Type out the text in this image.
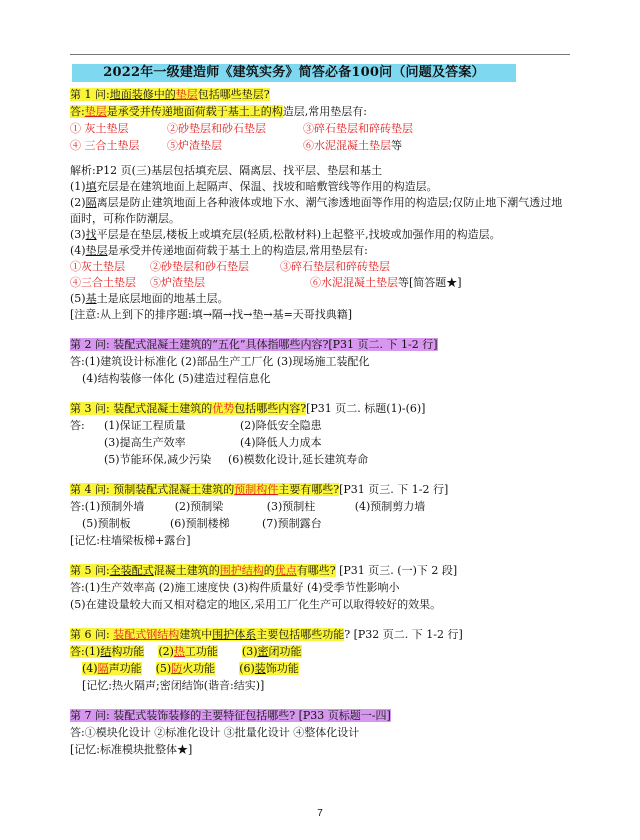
2022年一级建造师《建筑实务》简答必备100问（问题及答案）
第 1 问:地面装修中的垫层包括哪些垫层?
答:垫层是承受并传递地面荷载于基土上的构造层,常用垫层有:
① 灰土垫层	②砂垫层和砂石垫层	③碎石垫层和碎砖垫层
④ 三合土垫层	⑤炉渣垫层	⑥水泥混凝土垫层等
解析:P12 页(三)基层包括填充层、隔离层、找平层、垫层和基土
(1)填充层是在建筑地面上起隔声、保温、找坡和暗敷管线等作用的构造层。
(2)隔离层是防止建筑地面上各种液体或地下水、潮气渗透地面等作用的构造层;仅防止地下潮气透过地
面时，可称作防潮层。
(3)找平层是在垫层,楼板上或填充层(轻质,松散材料)上起整平,找坡或加强作用的构造层。
(4)垫层是承受并传递地面荷载于基土上的构造层,常用垫层有:
①灰土垫层 ②砂垫层和砂石垫层	③碎石垫层和碎砖垫层
④三合土垫层 ⑤炉渣垫层	⑥水泥混凝土垫层等[简答题★]
(5)基土是底层地面的地基土层。
[注意:从上到下的排序题:填→隔→找→垫→基=天哥找典籍]
第 2 问: 装配式混凝土建筑的“五化”具体指哪些内容?[P31 页二. 下 1-2 行]
答:(1)建筑设计标准化 (2)部品生产工厂化 (3)现场施工装配化
(4)结构装修一体化 (5)建造过程信息化
第 3 问: 装配式混凝土建筑的优势包括哪些内容?[P31 页二. 标题(1)-(6)]
答: (1)保证工程质量	(2)降低安全隐患
(3)提高生产效率	(4)降低人力成本
(5)节能环保,减少污染 (6)模数化设计,延长建筑寿命
第 4 问: 预制装配式混凝土建筑的预制构件主要有哪些?[P31 页三. 下 1-2 行]
答:(1)预制外墙	(2)预制梁	(3)预制柱	(4)预制剪力墙
(5)预制板	(6)预制楼梯	(7)预制露台
[记忆:柱墙梁板梯+露台]
第 5 问:全装配式混凝土建筑的围护结构的优点有哪些? [P31 页三. (一)下 2 段]
答:(1)生产效率高 (2)施工速度快 (3)构件质量好 (4)受季节性影响小
(5)在建设量较大而又相对稳定的地区,采用工厂化生产可以取得较好的效果。
第 6 问: 装配式钢结构建筑中围护体系主要包括哪些功能? [P32 页二. 下 1-2 行]
答:(1)结构功能 (2)热工功能 (3)密闭功能
(4)隔声功能 (5)防火功能 (6)装饰功能
[记忆:热火隔声;密闭结饰(谐音:结实)]
第 7 问: 装配式装饰装修的主要特征包括哪些? [P33 页标题一-四]
答:①模块化设计 ②标准化设计 ③批量化设计 ④整体化设计
[记忆:标准模块批整体★]
7
